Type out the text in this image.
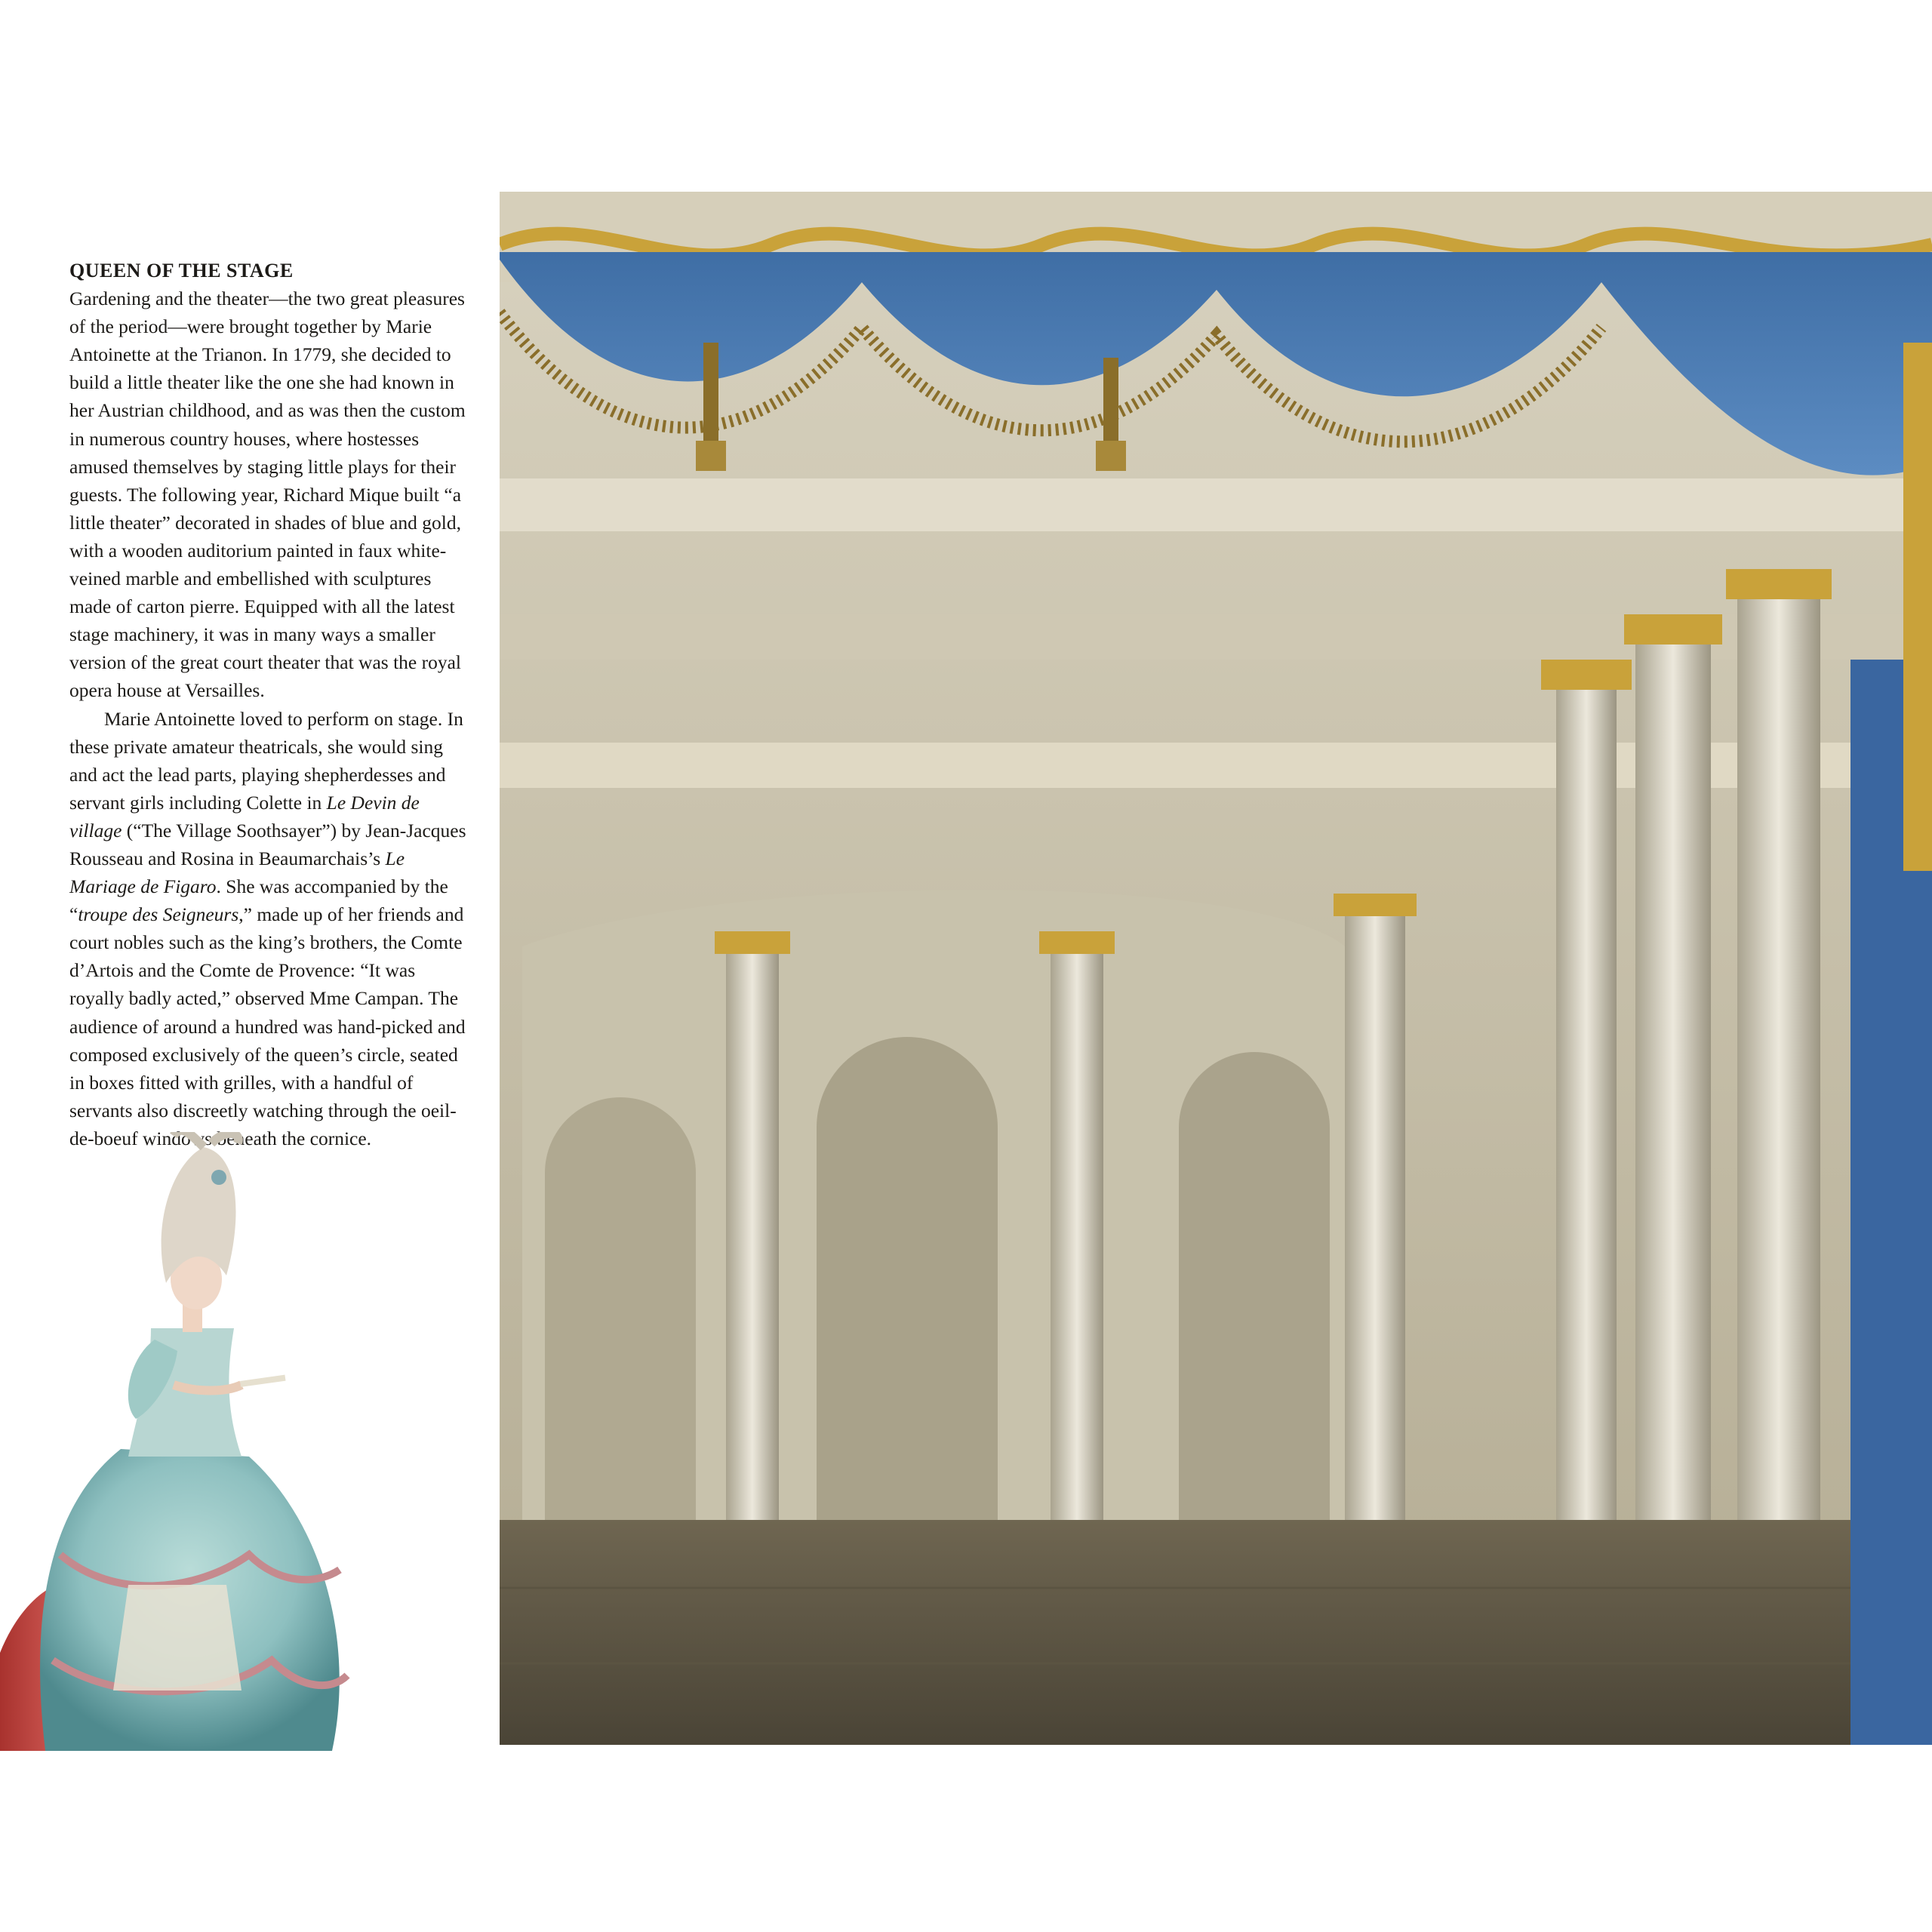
QUEEN OF THE STAGE

Gardening and the theater—the two great pleasures of the period—were brought together by Marie Antoinette at the Trianon. In 1779, she decided to build a little theater like the one she had known in her Austrian childhood, and as was then the custom in numerous country houses, where hostesses amused themselves by staging little plays for their guests. The following year, Richard Mique built “a little theater” decorated in shades of blue and gold, with a wooden auditorium painted in faux white-veined marble and embellished with sculptures made of carton pierre. Equipped with all the latest stage machinery, it was in many ways a smaller version of the great court theater that was the royal opera house at Versailles.

Marie Antoinette loved to perform on stage. In these private amateur theatricals, she would sing and act the lead parts, playing shepherdesses and servant girls including Colette in Le Devin de village (“The Village Soothsayer”) by Jean-Jacques Rousseau and Rosina in Beaumarchais’s Le Mariage de Figaro. She was accompanied by the “troupe des Seigneurs,” made up of her friends and court nobles such as the king’s brothers, the Comte d’Artois and the Comte de Provence: “It was royally badly acted,” observed Mme Campan. The audience of around a hundred was hand-picked and composed exclusively of the queen’s circle, seated in boxes fitted with grilles, with a handful of servants also discreetly watching through the oeil-de-boeuf windows beneath the cornice.
